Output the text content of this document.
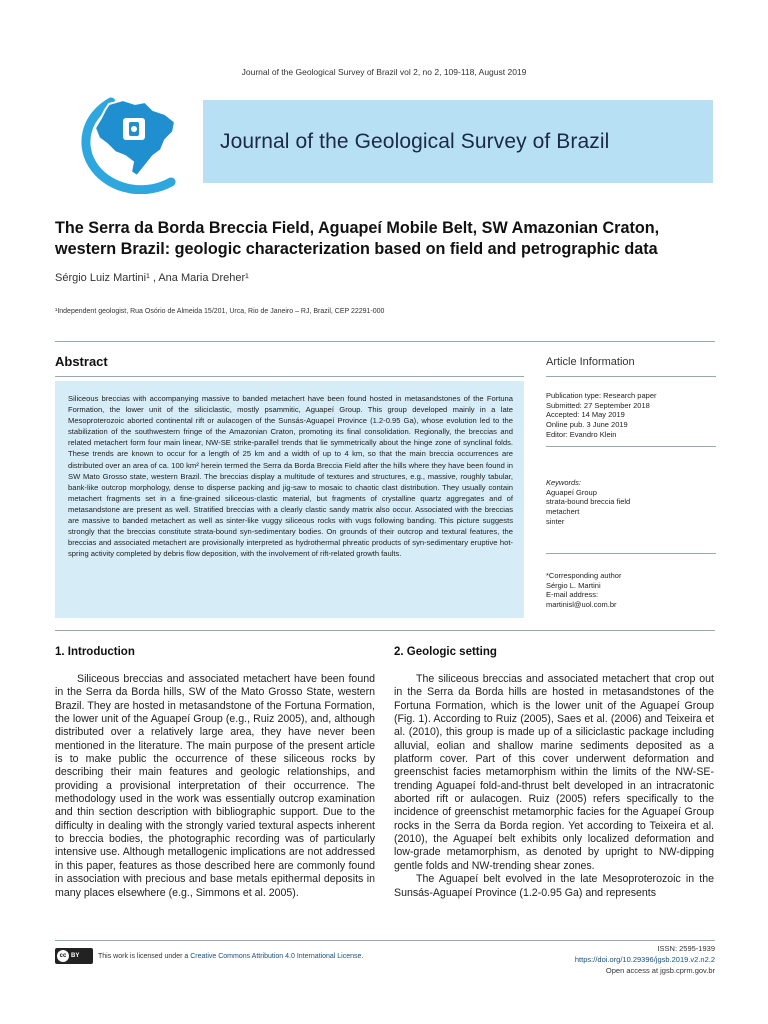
Journal of the Geological Survey of Brazil vol 2, no 2, 109-118, August 2019
Journal of the Geological Survey of Brazil
The Serra da Borda Breccia Field, Aguapeí Mobile Belt, SW Amazonian Craton, western Brazil: geologic characterization based on field and petrographic data
Sérgio Luiz Martini¹ , Ana Maria Dreher¹
¹Independent geologist, Rua Osório de Almeida 15/201, Urca, Rio de Janeiro – RJ, Brazil, CEP 22291-000
Abstract
Siliceous breccias with accompanying massive to banded metachert have been found hosted in metasandstones of the Fortuna Formation, the lower unit of the siliciclastic, mostly psammitic, Aguapeí Group. This group developed mainly in a late Mesoproterozoic aborted continental rift or aulacogen of the Sunsás-Aguapeí Province (1.2-0.95 Ga), whose evolution led to the stabilization of the southwestern fringe of the Amazonian Craton, promoting its final consolidation. Regionally, the breccias and related metachert form four main linear, NW-SE strike-parallel trends that lie symmetrically about the hinge zone of synclinal folds. These trends are known to occur for a length of 25 km and a width of up to 4 km, so that the main breccia occurrences are distributed over an area of ca. 100 km² herein termed the Serra da Borda Breccia Field after the hills where they have been found in SW Mato Grosso state, western Brazil. The breccias display a multitude of textures and structures, e.g., massive, roughly tabular, bank-like outcrop morphology, dense to disperse packing and jig-saw to mosaic to chaotic clast distribution. They usually contain metachert fragments set in a fine-grained siliceous-clastic material, but fragments of crystalline quartz aggregates and of metasandstone are present as well. Stratified breccias with a clearly clastic sandy matrix also occur. Associated with the breccias are massive to banded metachert as well as sinter-like vuggy siliceous rocks with vugs following banding. This picture suggests strongly that the breccias constitute strata-bound syn-sedimentary bodies. On grounds of their outcrop and textural features, the breccias and associated metachert are provisionally interpreted as hydrothermal phreatic products of syn-sedimentary eruptive hot-spring activity completed by debris flow deposition, with the involvement of rift-related growth faults.
Article Information
Publication type: Research paper
Submitted: 27 September 2018
Accepted: 14 May 2019
Online pub. 3 June 2019
Editor: Evandro Klein
Keywords:
Aguapeí Group
strata-bound breccia field
metachert
sinter
*Corresponding author
Sérgio L. Martini
E-mail address:
martinisl@uol.com.br
1. Introduction

Siliceous breccias and associated metachert have been found in the Serra da Borda hills, SW of the Mato Grosso State, western Brazil. They are hosted in metasandstone of the Fortuna Formation, the lower unit of the Aguapeí Group (e.g., Ruiz 2005), and, although distributed over a relatively large area, they have never been mentioned in the literature. The main purpose of the present article is to make public the occurrence of these siliceous rocks by describing their main features and geologic relationships, and providing a provisional interpretation of their occurrence. The methodology used in the work was essentially outcrop examination and thin section description with bibliographic support. Due to the difficulty in dealing with the strongly varied textural aspects inherent to breccia bodies, the photographic recording was of particularly intensive use. Although metallogenic implications are not addressed in this paper, features as those described here are commonly found in association with precious and base metals epithermal deposits in many places elsewhere (e.g., Simmons et al. 2005).

2. Geologic setting

The siliceous breccias and associated metachert that crop out in the Serra da Borda hills are hosted in metasandstones of the Fortuna Formation, which is the lower unit of the Aguapeí Group (Fig. 1). According to Ruiz (2005), Saes et al. (2006) and Teixeira et al. (2010), this group is made up of a siliciclastic package including alluvial, eolian and shallow marine sediments deposited as a platform cover. Part of this cover underwent deformation and greenschist facies metamorphism within the limits of the NW-SE-trending Aguapeí fold-and-thrust belt developed in an intracratonic aborted rift or aulacogen. Ruiz (2005) refers specifically to the incidence of greenschist metamorphic facies for the Aguapeí Group rocks in the Serra da Borda region. Yet according to Teixeira et al. (2010), the Aguapeí belt exhibits only localized deformation and low-grade metamorphism, as denoted by upright to NW-dipping gentle folds and NW-trending shear zones.

The Aguapeí belt evolved in the late Mesoproterozoic in the Sunsás-Aguapeí Province (1.2-0.95 Ga) and represents

cc BY	This work is licensed under a Creative Commons Attribution 4.0 International License.
ISSN: 2595-1939
https://doi.org/10.29396/jgsb.2019.v2.n2.2
Open access at jgsb.cprm.gov.br
